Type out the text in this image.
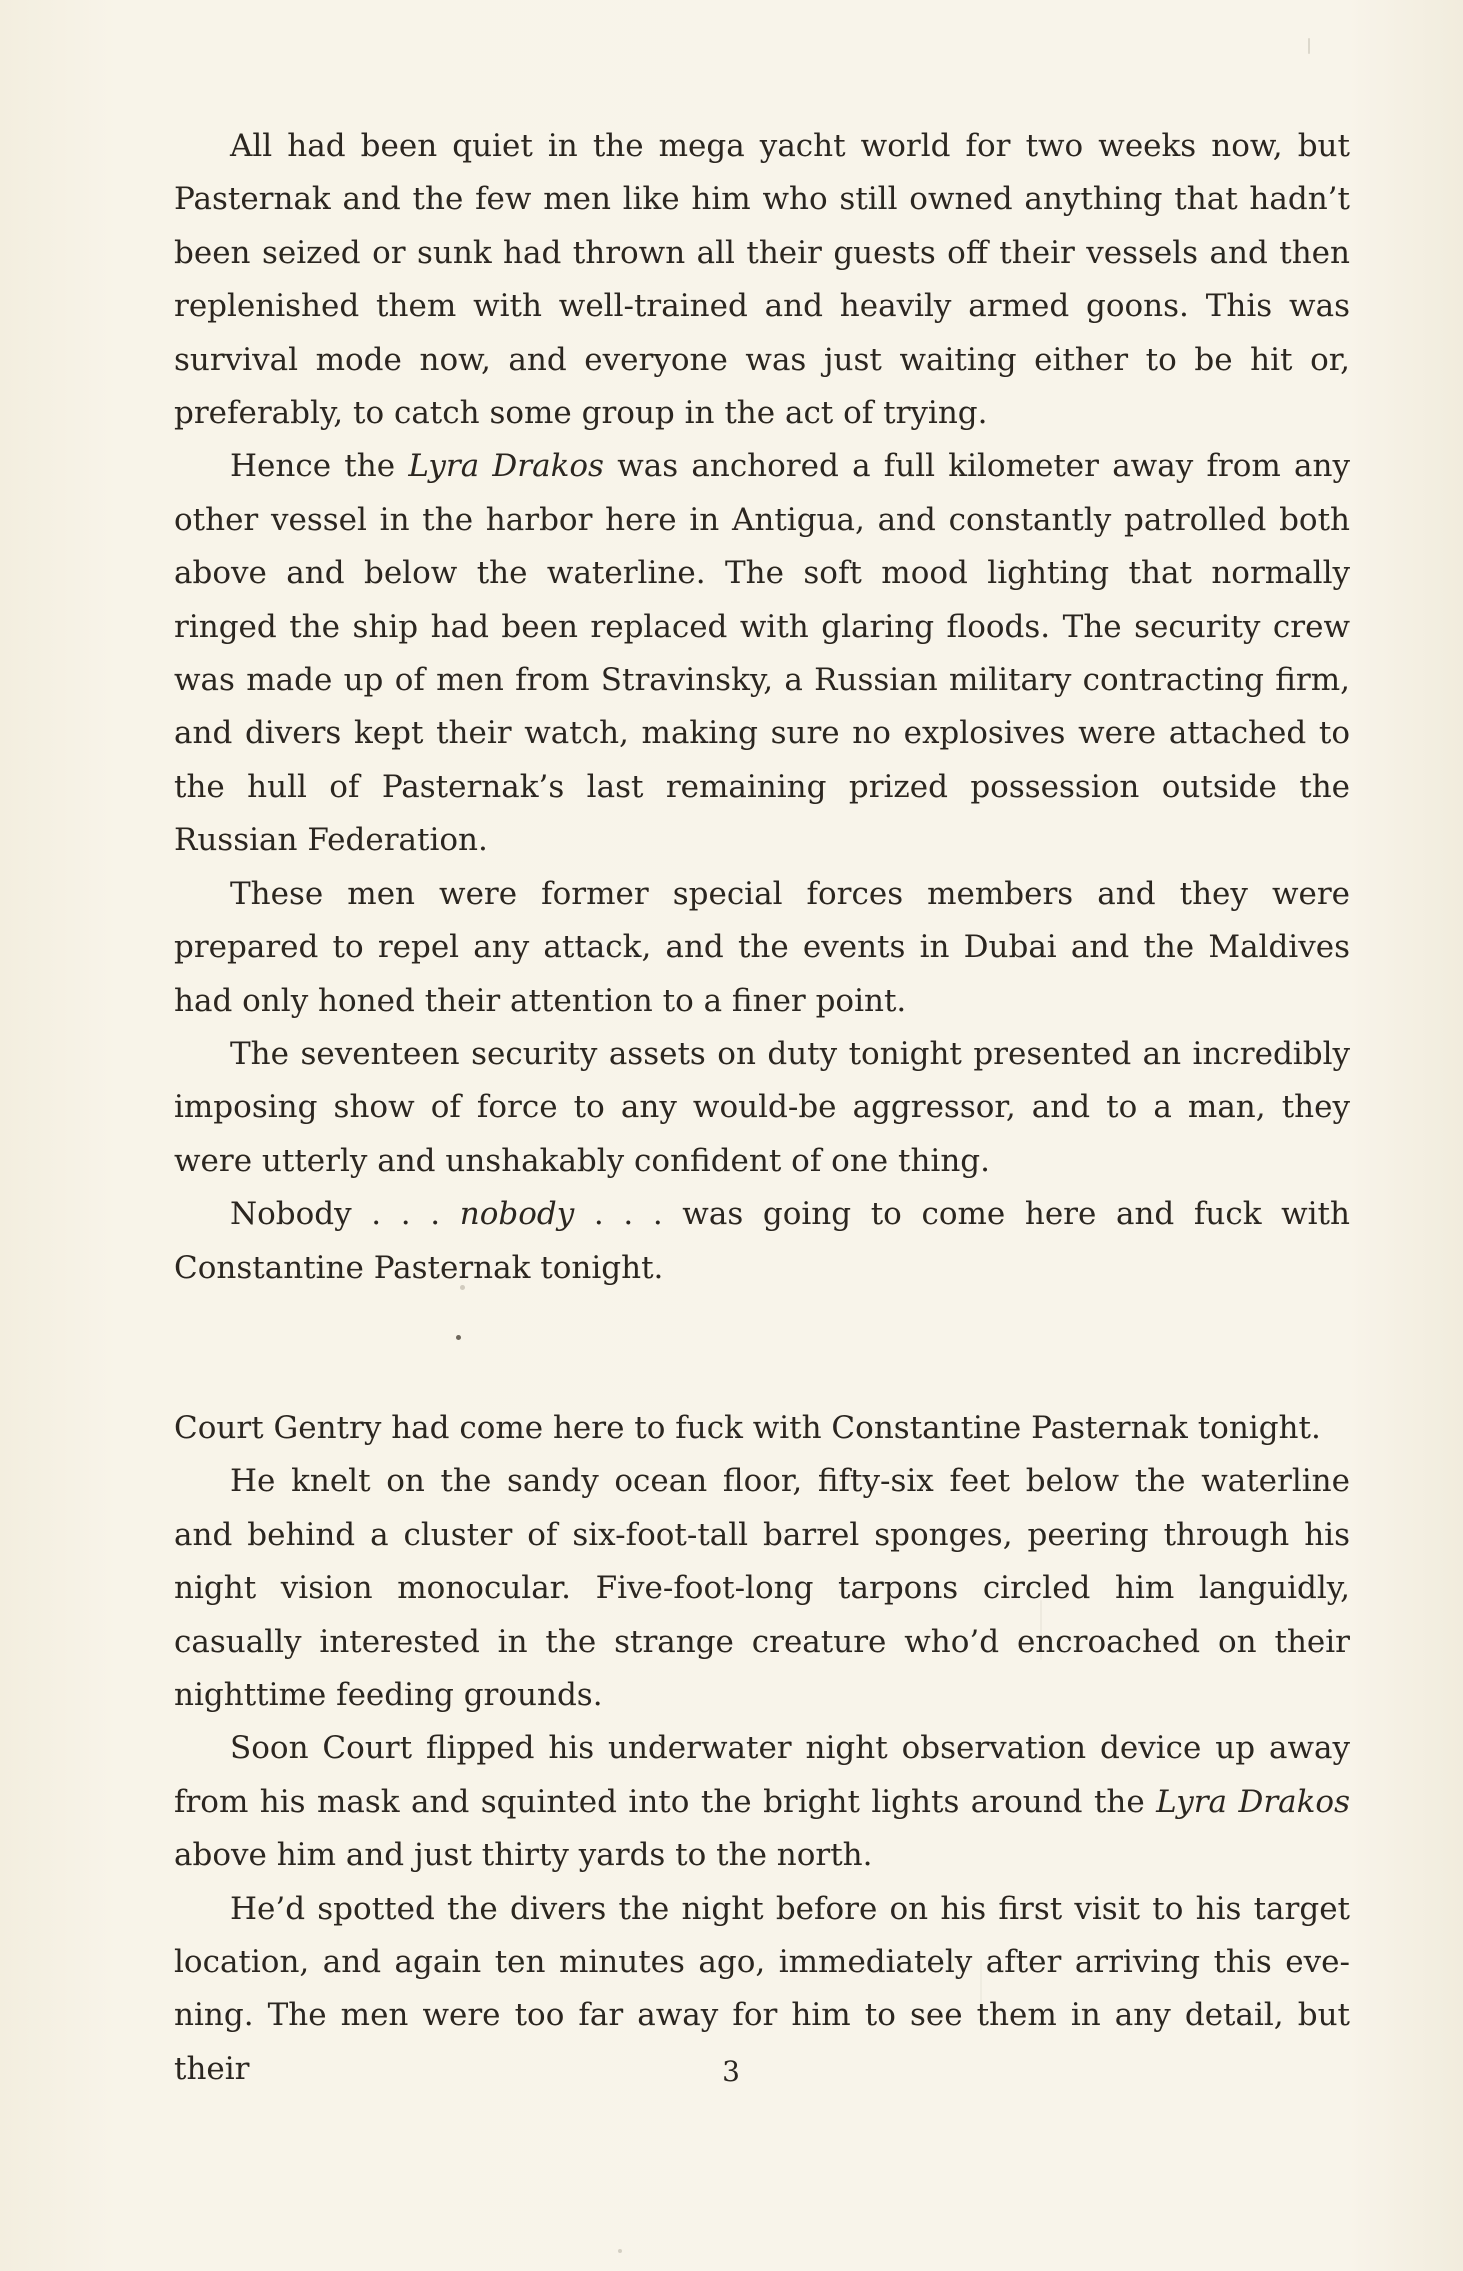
All had been quiet in the mega yacht world for two weeks now, but Pasternak and the few men like him who still owned anything that hadn’t been seized or sunk had thrown all their guests off their vessels and then replenished them with well-trained and heavily armed goons. This was survival mode now, and everyone was just waiting either to be hit or, preferably, to catch some group in the act of trying.

Hence the Lyra Drakos was anchored a full kilometer away from any other vessel in the harbor here in Antigua, and constantly patrolled both above and below the waterline. The soft mood lighting that normally ringed the ship had been replaced with glaring floods. The security crew was made up of men from Stravinsky, a Russian military contracting firm, and divers kept their watch, making sure no explosives were attached to the hull of Pasternak’s last remaining prized possession outside the Russian Federation.

These men were former special forces members and they were prepared to repel any attack, and the events in Dubai and the Maldives had only honed their attention to a finer point.

The seventeen security assets on duty tonight presented an incredibly imposing show of force to any would-be aggressor, and to a man, they were utterly and unshakably confident of one thing.

Nobody . . . nobody . . . was going to come here and fuck with Constantine Pasternak tonight.

Court Gentry had come here to fuck with Constantine Pasternak tonight.

He knelt on the sandy ocean floor, fifty-six feet below the waterline and behind a cluster of six-foot-tall barrel sponges, peering through his night vision monocular. Five-foot-long tarpons circled him languidly, casually interested in the strange creature who’d encroached on their nighttime feeding grounds.

Soon Court flipped his underwater night observation device up away from his mask and squinted into the bright lights around the Lyra Drakos above him and just thirty yards to the north.

He’d spotted the divers the night before on his first visit to his target location, and again ten minutes ago, immediately after arriving this evening. The men were too far away for him to see them in any detail, but their	3
